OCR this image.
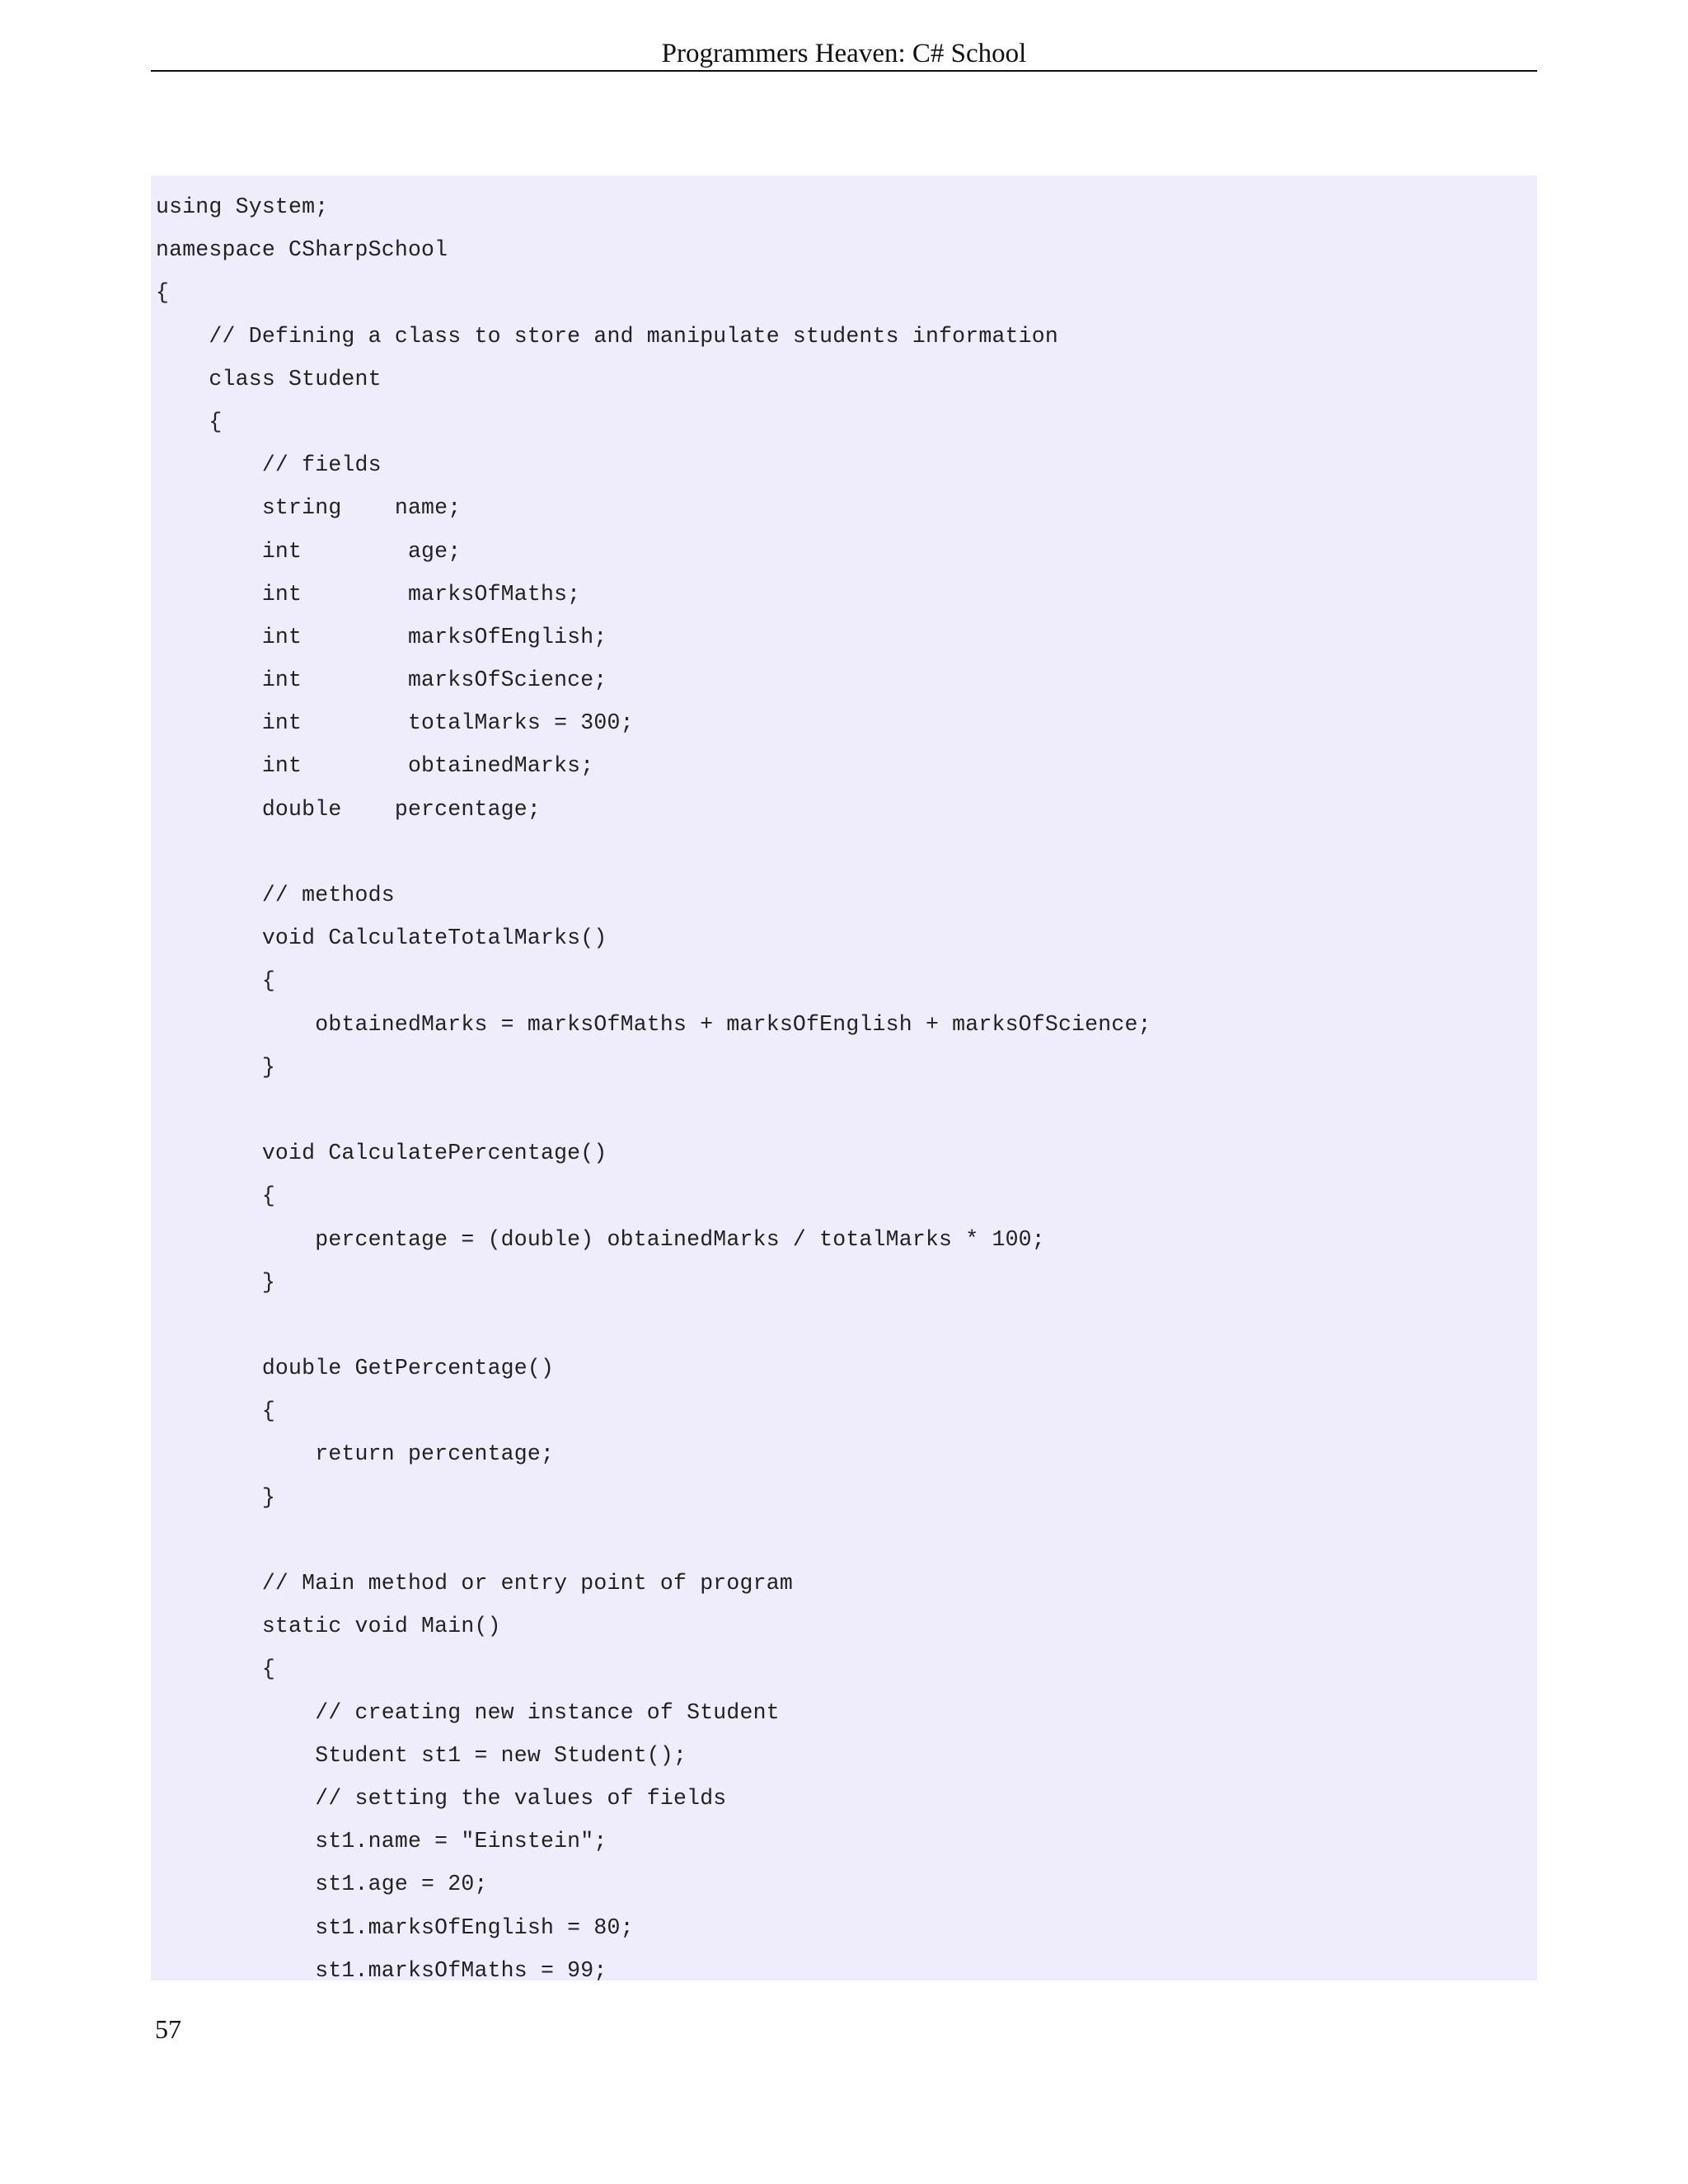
Programmers Heaven: C# School
using System;
namespace CSharpSchool
{
// Defining a class to store and manipulate students information
class Student
{
// fields
string    name;
int        age;
int        marksOfMaths;
int        marksOfEnglish;
int        marksOfScience;
int        totalMarks = 300;
int        obtainedMarks;
double    percentage;
// methods
void CalculateTotalMarks()
{
obtainedMarks = marksOfMaths + marksOfEnglish + marksOfScience;
}
void CalculatePercentage()
{
percentage = (double) obtainedMarks / totalMarks * 100;
}
double GetPercentage()
{
return percentage;
}
// Main method or entry point of program
static void Main()
{
// creating new instance of Student
Student st1 = new Student();
// setting the values of fields
st1.name = "Einstein";
st1.age = 20;
st1.marksOfEnglish = 80;
st1.marksOfMaths = 99;
57
